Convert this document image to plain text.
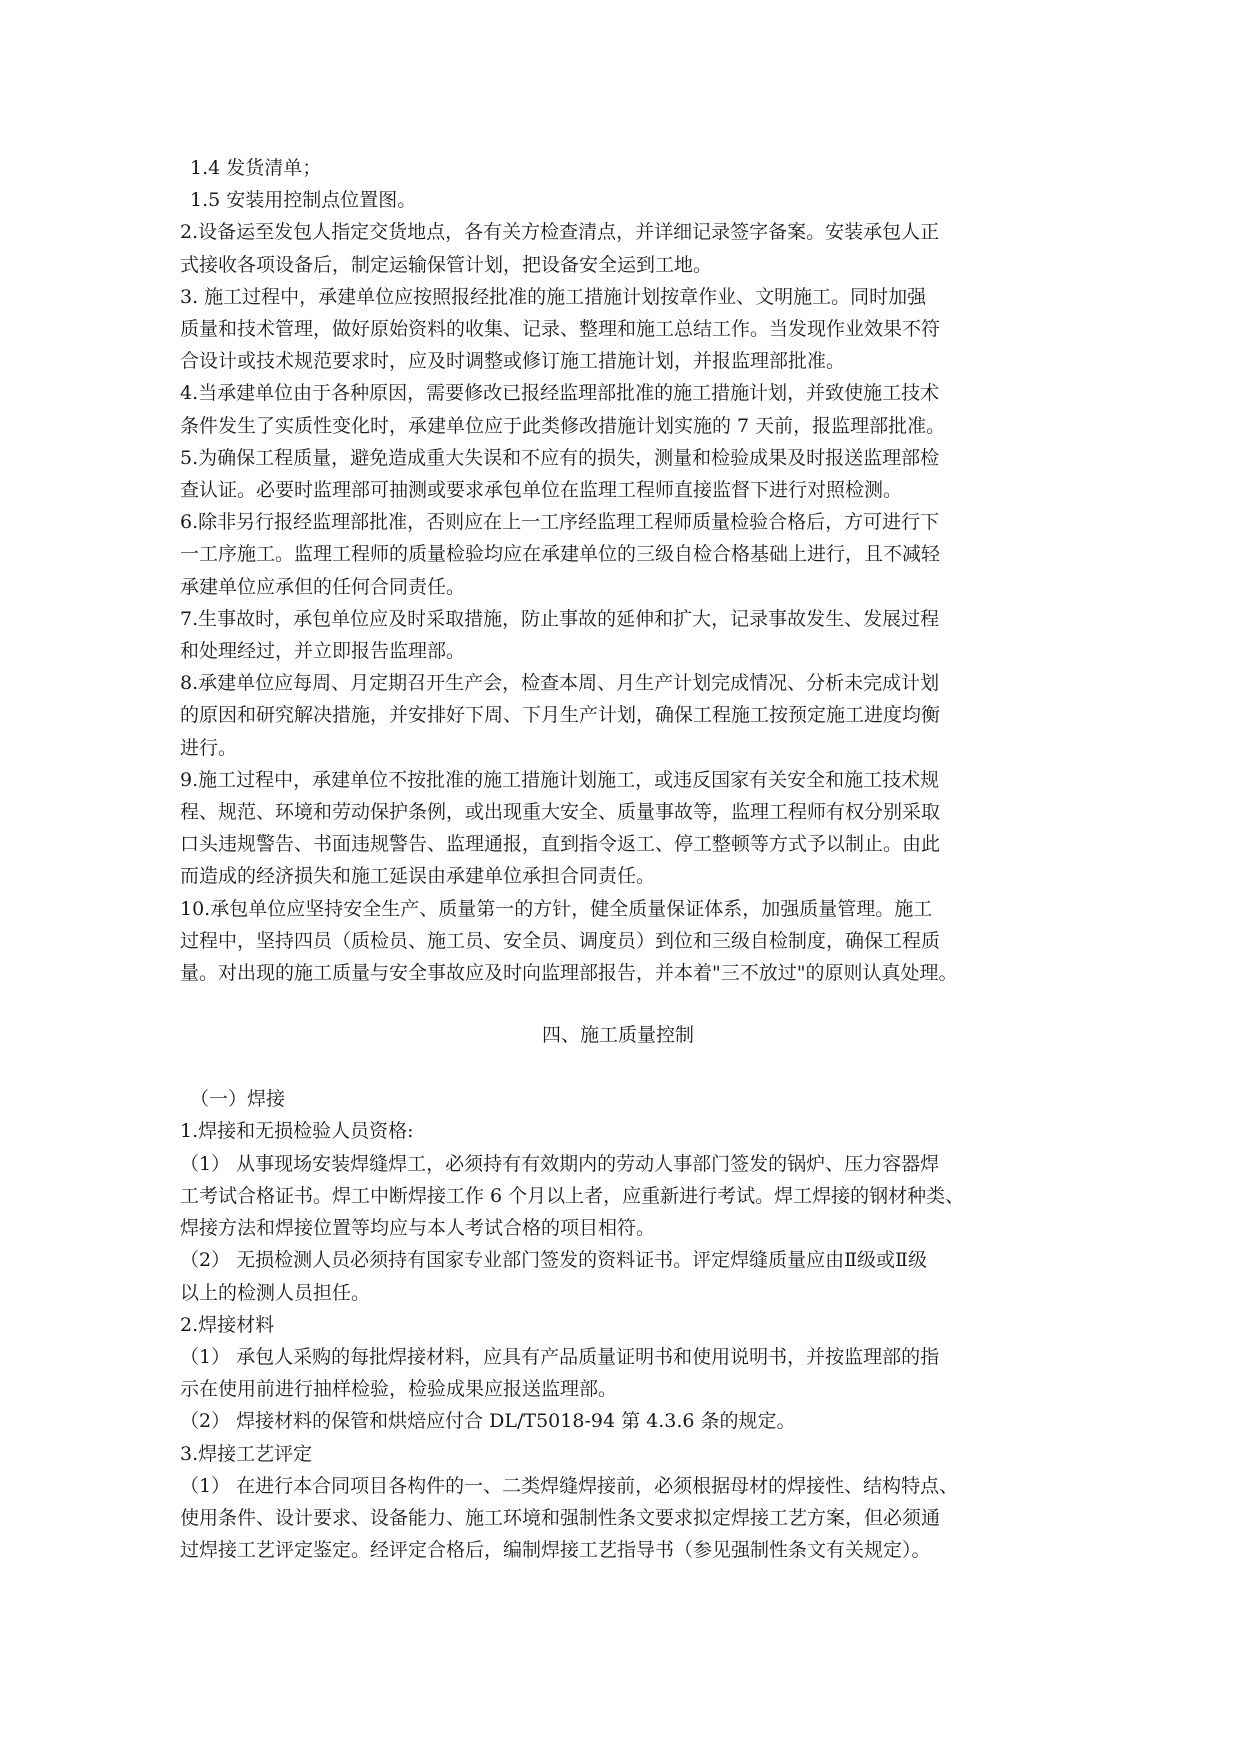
1.4 发货清单；

1.5 安装用控制点位置图。

2.设备运至发包人指定交货地点，各有关方检查清点，并详细记录签字备案。安装承包人正

式接收各项设备后，制定运输保管计划，把设备安全运到工地。

3. 施工过程中，承建单位应按照报经批准的施工措施计划按章作业、文明施工。同时加强

质量和技术管理，做好原始资料的收集、记录、整理和施工总结工作。当发现作业效果不符

合设计或技术规范要求时，应及时调整或修订施工措施计划，并报监理部批准。

4.当承建单位由于各种原因，需要修改已报经监理部批准的施工措施计划，并致使施工技术

条件发生了实质性变化时，承建单位应于此类修改措施计划实施的 7 天前，报监理部批准。

5.为确保工程质量，避免造成重大失误和不应有的损失，测量和检验成果及时报送监理部检

查认证。必要时监理部可抽测或要求承包单位在监理工程师直接监督下进行对照检测。

6.除非另行报经监理部批准，否则应在上一工序经监理工程师质量检验合格后，方可进行下

一工序施工。监理工程师的质量检验均应在承建单位的三级自检合格基础上进行，且不减轻

承建单位应承但的任何合同责任。

7.生事故时，承包单位应及时采取措施，防止事故的延伸和扩大，记录事故发生、发展过程

和处理经过，并立即报告监理部。

8.承建单位应每周、月定期召开生产会，检查本周、月生产计划完成情况、分析未完成计划

的原因和研究解决措施，并安排好下周、下月生产计划，确保工程施工按预定施工进度均衡

进行。

9.施工过程中，承建单位不按批准的施工措施计划施工，或违反国家有关安全和施工技术规

程、规范、环境和劳动保护条例，或出现重大安全、质量事故等，监理工程师有权分别采取

口头违规警告、书面违规警告、监理通报，直到指令返工、停工整顿等方式予以制止。由此

而造成的经济损失和施工延误由承建单位承担合同责任。

10.承包单位应坚持安全生产、质量第一的方针，健全质量保证体系，加强质量管理。施工

过程中，坚持四员（质检员、施工员、安全员、调度员）到位和三级自检制度，确保工程质

量。对出现的施工质量与安全事故应及时向监理部报告，并本着"三不放过"的原则认真处理。

四、施工质量控制

（一）焊接

1.焊接和无损检验人员资格:

（1） 从事现场安装焊缝焊工，必须持有有效期内的劳动人事部门签发的锅炉、压力容器焊

工考试合格证书。焊工中断焊接工作 6 个月以上者，应重新进行考试。焊工焊接的钢材种类、

焊接方法和焊接位置等均应与本人考试合格的项目相符。

（2） 无损检测人员必须持有国家专业部门签发的资料证书。评定焊缝质量应由Ⅱ级或Ⅱ级

以上的检测人员担任。

2.焊接材料

（1） 承包人采购的每批焊接材料，应具有产品质量证明书和使用说明书，并按监理部的指

示在使用前进行抽样检验，检验成果应报送监理部。

（2） 焊接材料的保管和烘焙应付合 DL/T5018-94 第 4.3.6 条的规定。

3.焊接工艺评定

（1） 在进行本合同项目各构件的一、二类焊缝焊接前，必须根据母材的焊接性、结构特点、

使用条件、设计要求、设备能力、施工环境和强制性条文要求拟定焊接工艺方案，但必须通

过焊接工艺评定鉴定。经评定合格后，编制焊接工艺指导书（参见强制性条文有关规定）。
